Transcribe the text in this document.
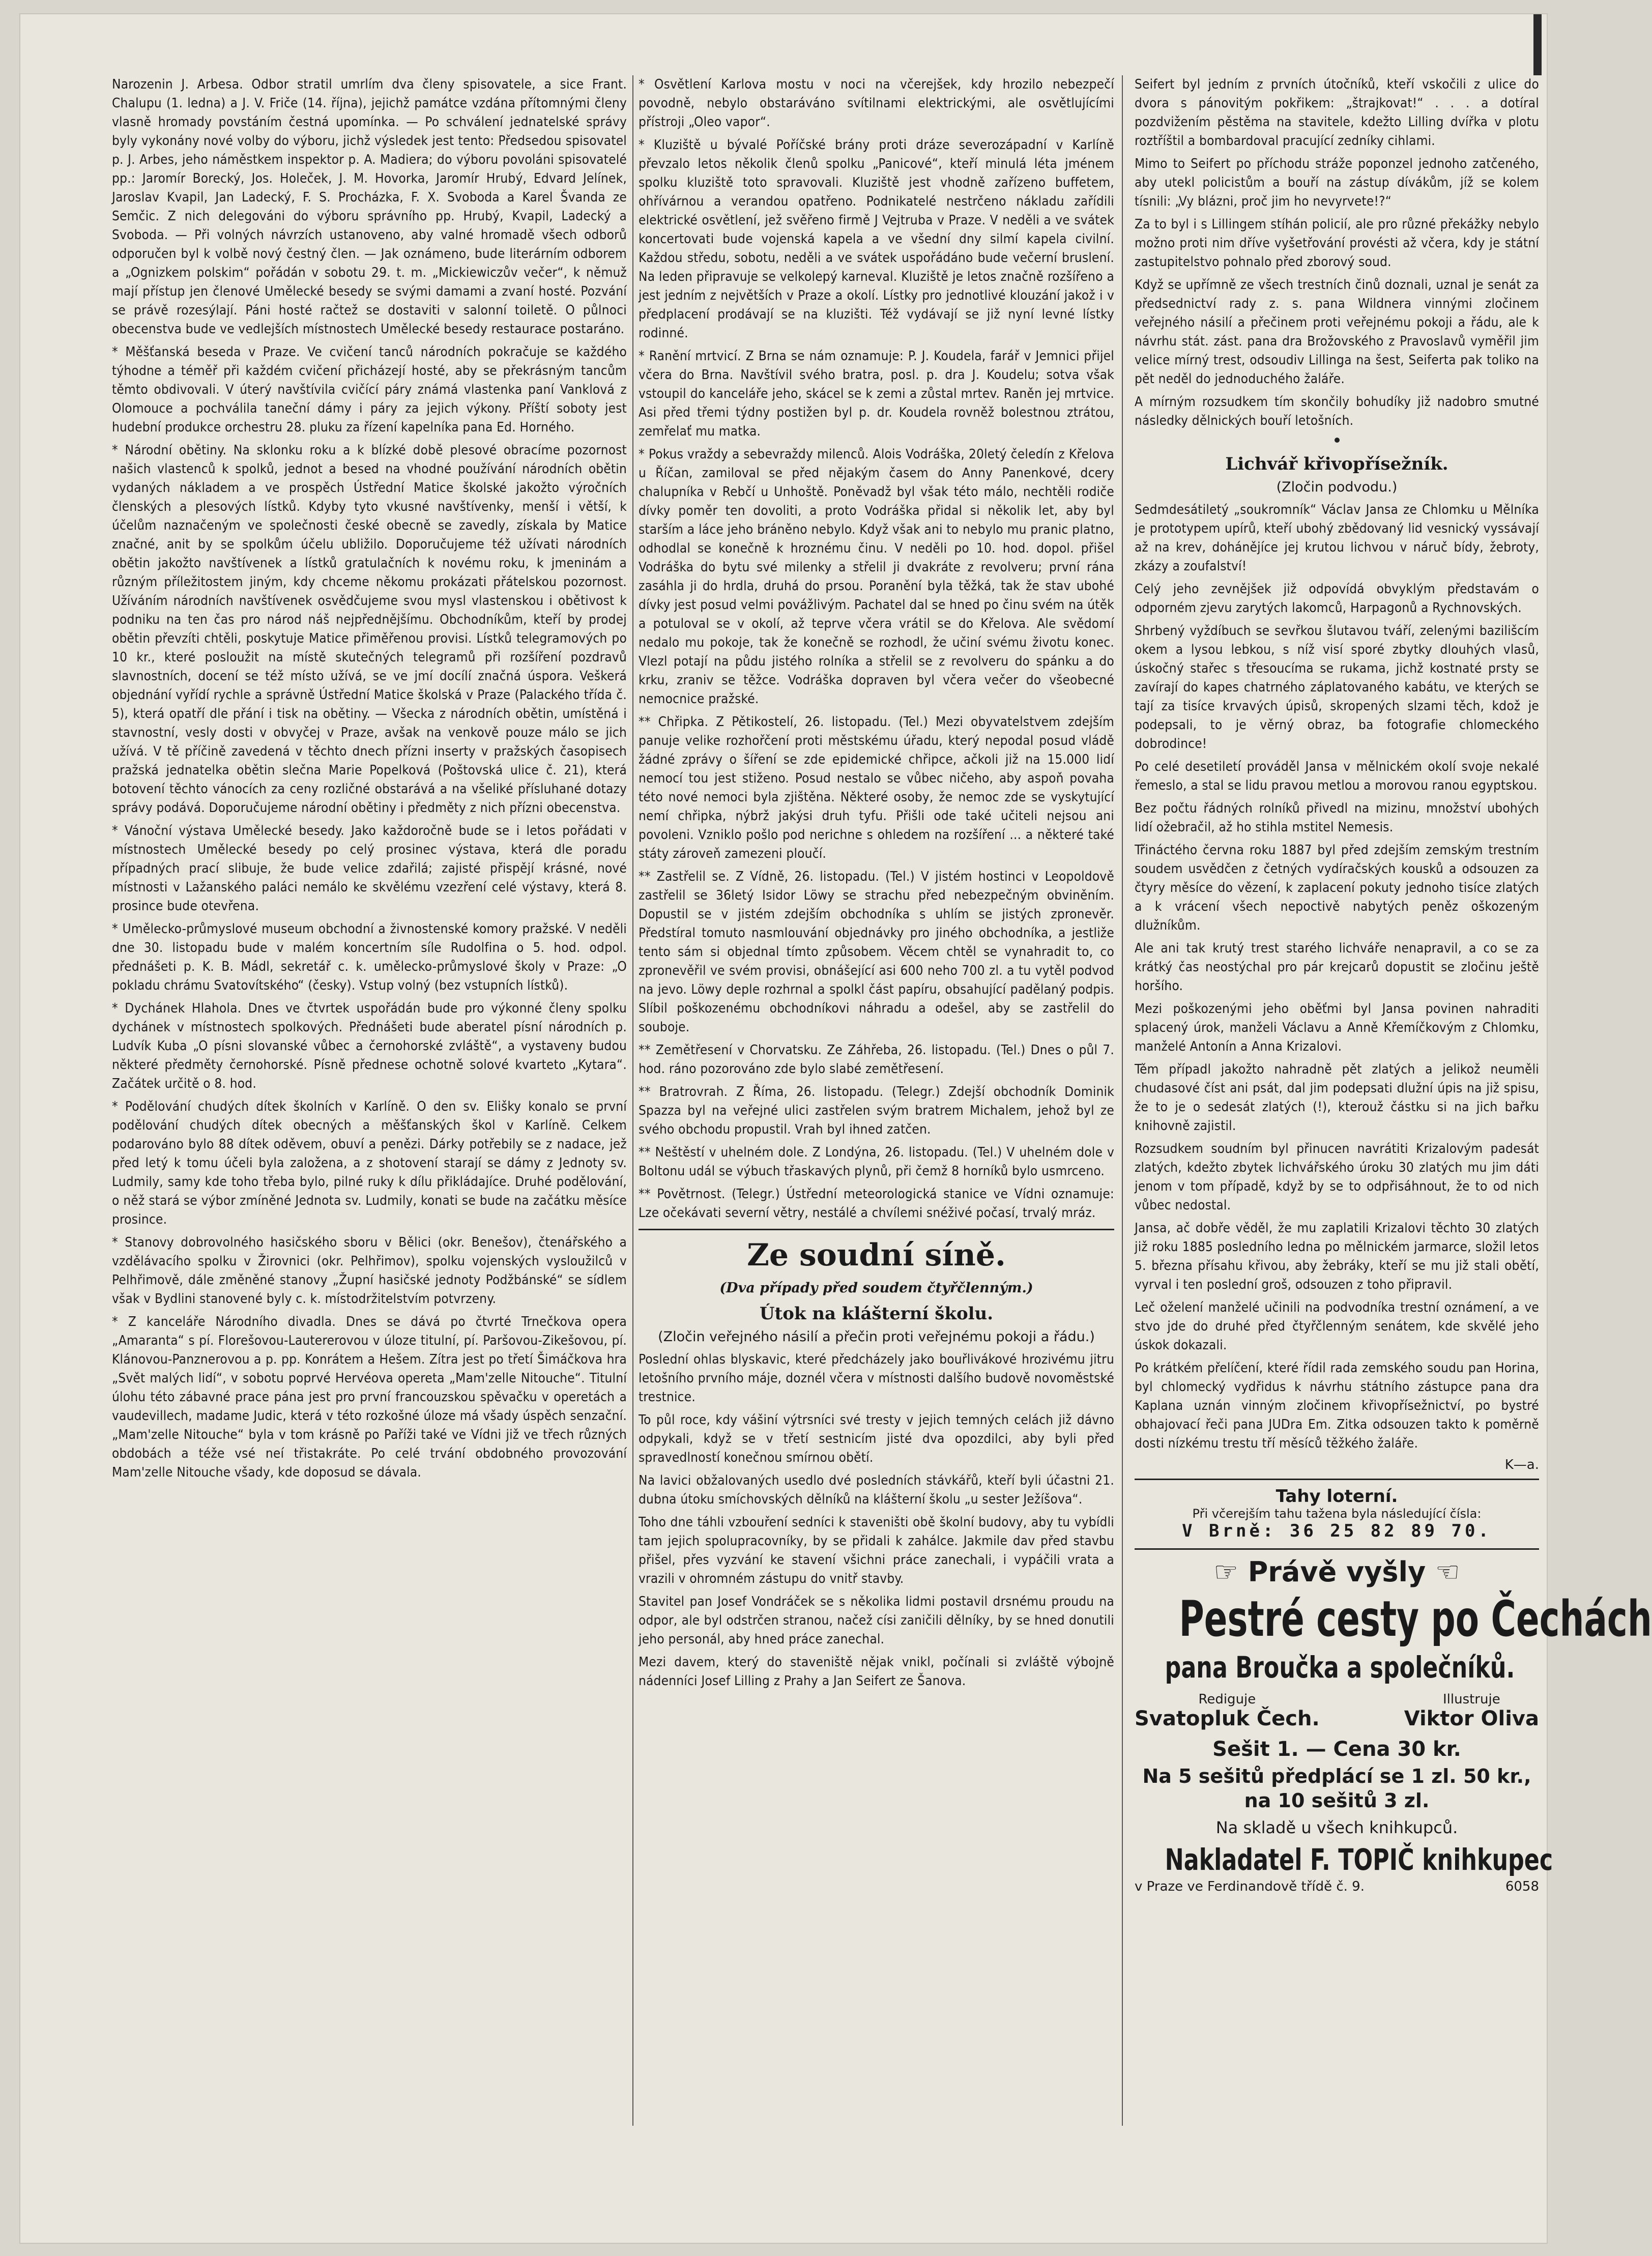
Narozenin J. Arbesa. Odbor stratil umrlím dva členy spisovatele, a sice Frant. Chalupu (1. ledna) a J. V. Friče (14. října), jejichž památce vzdána přítomnými členy vlasně hromady povstáním čestná upomínka. — Po schválení jednatelské správy byly vykonány nové volby do výboru, jichž výsledek jest tento: Předsedou spisovatel p. J. Arbes, jeho náměstkem inspektor p. A. Madiera; do výboru povoláni spisovatelé pp.: Jaromír Borecký, Jos. Holeček, J. M. Hovorka, Jaromír Hrubý, Edvard Jelínek, Jaroslav Kvapil, Jan Ladecký, F. S. Procházka, F. X. Svoboda a Karel Švanda ze Semčic. Z nich delegováni do výboru správního pp. Hrubý, Kvapil, Ladecký a Svoboda. — Při volných návrzích ustanoveno, aby valné hromadě všech odborů odporučen byl k volbě nový čestný člen. — Jak oznámeno, bude literárním odborem a „Ognizkem polskim“ pořádán v sobotu 29. t. m. „Mickiewiczův večer“, k němuž mají přístup jen členové Umělecké besedy se svými damami a zvaní hosté. Pozvání se právě rozesýlají. Páni hosté račtež se dostaviti v salonní toiletě. O půlnoci obecenstva bude ve vedlejších místnostech Umělecké besedy restaurace postaráno.

* Měšťanská beseda v Praze. Ve cvičení tanců národních pokračuje se každého týhodne a téměř při každém cvičení přicházejí hosté, aby se překrásným tancům těmto obdivovali. V úterý navštívila cvičící páry známá vlastenka paní Vanklová z Olomouce a pochválila taneční dámy i páry za jejich výkony. Příští soboty jest hudební produkce orchestru 28. pluku za řízení kapelníka pana Ed. Horného.

* Národní obětiny. Na sklonku roku a k blízké době plesové obracíme pozornost našich vlastenců k spolků, jednot a besed na vhodné používání národních obětin vydaných nákladem a ve prospěch Ústřední Matice školské jakožto výročních členských a plesových lístků. Kdyby tyto vkusné navštívenky, menší i větší, k účelům naznačeným ve společnosti české obecně se zavedly, získala by Matice značné, anit by se spolkům účelu ubližilo. Doporučujeme též užívati národních obětin jakožto navštívenek a lístků gratulačních k novému roku, k jmeninám a různým příležitostem jiným, kdy chceme někomu prokázati přátelskou pozornost. Užíváním národních navštívenek osvědčujeme svou mysl vlastenskou i obětivost k podniku na ten čas pro národ náš nejpřednějšímu. Obchodníkům, kteří by prodej obětin převzíti chtěli, poskytuje Matice přiměřenou provisi. Lístků telegramových po 10 kr., které posloužit na místě skutečných telegramů při rozšíření pozdravů slavnostních, docení se též místo užívá, se ve jmí docílí značná úspora. Veškerá objednání vyřídí rychle a správně Ústřední Matice školská v Praze (Palackého třída č. 5), která opatří dle přání i tisk na obětiny. — Všecka z národních obětin, umístěná i stavnostní, vesly dosti v obvyčej v Praze, avšak na venkově pouze málo se jich užívá. V tě příčině zavedená v těchto dnech přízni inserty v pražských časopisech pražská jednatelka obětin slečna Marie Popelková (Poštovská ulice č. 21), která botovení těchto vánocích za ceny rozličné obstarává a na všeliké přísluhané dotazy správy podává. Doporučujeme národní obětiny i předměty z nich přízni obecenstva.

* Vánoční výstava Umělecké besedy. Jako každoročně bude se i letos pořádati v místnostech Umělecké besedy po celý prosinec výstava, která dle poradu případných prací slibuje, že bude velice zdařilá; zajisté přispějí krásné, nové místnosti v Lažanského paláci nemálo ke skvělému vzezření celé výstavy, která 8. prosince bude otevřena.

* Umělecko-průmyslové museum obchodní a živnostenské komory pražské. V neděli dne 30. listopadu bude v malém koncertním síle Rudolfina o 5. hod. odpol. přednášeti p. K. B. Mádl, sekretář c. k. umělecko-průmyslové školy v Praze: „O pokladu chrámu Svatovítského“ (česky). Vstup volný (bez vstupních lístků).

* Dychánek Hlahola. Dnes ve čtvrtek uspořádán bude pro výkonné členy spolku dychánek v místnostech spolkových. Přednášeti bude aberatel písní národních p. Ludvík Kuba „O písni slovanské vůbec a černohorské zvláště“, a vystaveny budou některé předměty černohorské. Písně přednese ochotně solové kvarteto „Kytara“. Začátek určitě o 8. hod.

* Podělování chudých dítek školních v Karlíně. O den sv. Elišky konalo se první podělování chudých dítek obecných a měšťanských škol v Karlíně. Celkem podarováno bylo 88 dítek oděvem, obuví a penězi. Dárky potřebily se z nadace, jež před letý k tomu účeli byla založena, a z shotovení starají se dámy z Jednoty sv. Ludmily, samy kde toho třeba bylo, pilné ruky k dílu přikládajíce. Druhé podělování, o něž stará se výbor zmíněné Jednota sv. Ludmily, konati se bude na začátku měsíce prosince.

* Stanovy dobrovolného hasičského sboru v Bělici (okr. Benešov), čtenářského a vzdělávacího spolku v Žirovnici (okr. Pelhřimov), spolku vojenských vysloužilců v Pelhřimově, dále změněné stanovy „Župní hasičské jednoty Podžbánské“ se sídlem však v Bydlini stanovené byly c. k. místodržitelstvím potvrzeny.

* Z kanceláře Národního divadla. Dnes se dává po čtvrté Trnečkova opera „Amaranta“ s pí. Florešovou-Lautererovou v úloze titulní, pí. Paršovou-Zikešovou, pí. Klánovou-Panznerovou a p. pp. Konrátem a Hešem. Zítra jest po třetí Šimáčkova hra „Svět malých lidí“, v sobotu poprvé Hervéova opereta „Mam'zelle Nitouche“. Titulní úlohu této zábavné prace pána jest pro první francouzskou spěvačku v operetách a vaudevillech, madame Judic, která v této rozkošné úloze má všady úspěch senzační. „Mam'zelle Nitouche“ byla v tom krásně po Paříži také ve Vídni již ve třech různých obdobách a téže vsé neí třistakráte. Po celé trvání obdobného provozování Mam'zelle Nitouche všady, kde doposud se dávala.

* Osvětlení Karlova mostu v noci na včerejšek, kdy hrozilo nebezpečí povodně, nebylo obstaráváno svítilnami elektrickými, ale osvětlujícími přístroji „Oleo vapor“.

* Kluziště u bývalé Poříčské brány proti dráze severozápadní v Karlíně převzalo letos několik členů spolku „Panicové“, kteří minulá léta jménem spolku kluziště toto spravovali. Kluziště jest vhodně zařízeno buffetem, ohřívárnou a verandou opatřeno. Podnikatelé nestrčeno nákladu zařídili elektrické osvětlení, jež svěřeno firmě J Vejtruba v Praze. V neděli a ve svátek koncertovati bude vojenská kapela a ve všední dny silmí kapela civilní. Každou středu, sobotu, neděli a ve svátek uspořádáno bude večerní bruslení. Na leden připravuje se velkolepý karneval. Kluziště je letos značně rozšířeno a jest jedním z největších v Praze a okolí. Lístky pro jednotlivé klouzání jakož i v předplacení prodávají se na kluzišti. Též vydávají se již nyní levné lístky rodinné.

* Ranění mrtvicí. Z Brna se nám oznamuje: P. J. Koudela, farář v Jemnici přijel včera do Brna. Navštívil svého bratra, posl. p. dra J. Koudelu; sotva však vstoupil do kanceláře jeho, skácel se k zemi a zůstal mrtev. Raněn jej mrtvice. Asi před třemi týdny postižen byl p. dr. Koudela rovněž bolestnou ztrátou, zemřelať mu matka.

* Pokus vraždy a sebevraždy milenců. Alois Vodráška, 20letý čeledín z Křelova u Říčan, zamiloval se před nějakým časem do Anny Panenkové, dcery chalupníka v Rebčí u Unhoště. Poněvadž byl však této málo, nechtěli rodiče dívky poměr ten dovoliti, a proto Vodráška přidal si několik let, aby byl starším a láce jeho bráněno nebylo. Když však ani to nebylo mu pranic platno, odhodlal se konečně k hroznému činu. V neděli po 10. hod. dopol. přišel Vodráška do bytu své milenky a střelil ji dvakráte z revolveru; první rána zasáhla ji do hrdla, druhá do prsou. Poranění byla těžká, tak že stav ubohé dívky jest posud velmi povážlivým. Pachatel dal se hned po činu svém na útěk a potuloval se v okolí, až teprve včera vrátil se do Křelova. Ale svědomí nedalo mu pokoje, tak že konečně se rozhodl, že učiní svému životu konec. Vlezl potají na půdu jistého rolníka a střelil se z revolveru do spánku a do krku, zraniv se těžce. Vodráška dopraven byl včera večer do všeobecné nemocnice pražské.

** Chřipka. Z Pětikostelí, 26. listopadu. (Tel.) Mezi obyvatelstvem zdejším panuje velike rozhořčení proti městskému úřadu, který nepodal posud vládě žádné zprávy o šíření se zde epidemické chřipce, ačkoli již na 15.000 lidí nemocí tou jest stiženo. Posud nestalo se vůbec ničeho, aby aspoň povaha této nové nemoci byla zjištěna. Některé osoby, že nemoc zde se vyskytující nemí chřipka, nýbrž jakýsi druh tyfu. Přišli ode také učiteli nejsou ani povoleni. Vzniklo pošlo pod nerichne s ohledem na rozšíření ... a některé také státy zároveň zamezeni ploučí.

** Zastřelil se. Z Vídně, 26. listopadu. (Tel.) V jistém hostinci v Leopoldově zastřelil se 36letý Isidor Löwy se strachu před nebezpečným obviněním. Dopustil se v jistém zdejším obchodníka s uhlím se jistých zpronevěr. Předstíral tomuto nasmlouvání objednávky pro jiného obchodníka, a jestliže tento sám si objednal tímto způsobem. Věcem chtěl se vynahradit to, co zpronevěřil ve svém provisi, obnášející asi 600 neho 700 zl. a tu vytěl podvod na jevo. Löwy deple rozhrnal a spolkl část papíru, obsahující padělaný podpis. Slíbil poškozenému obchodníkovi náhradu a odešel, aby se zastřelil do souboje.

** Zemětřesení v Chorvatsku. Ze Záhřeba, 26. listopadu. (Tel.) Dnes o půl 7. hod. ráno pozorováno zde bylo slabé zemětřesení.

** Bratrovrah. Z Říma, 26. listopadu. (Telegr.) Zdejší obchodník Dominik Spazza byl na veřejné ulici zastřelen svým bratrem Michalem, jehož byl ze svého obchodu propustil. Vrah byl ihned zatčen.

** Neštěstí v uhelném dole. Z Londýna, 26. listopadu. (Tel.) V uhelném dole v Boltonu udál se výbuch třaskavých plynů, při čemž 8 horníků bylo usmrceno.

** Povětrnost. (Telegr.) Ústřední meteorologická stanice ve Vídni oznamuje: Lze očekávati severní větry, nestálé a chvílemi snéživé počasí, trvalý mráz.

Ze soudní síně.
(Dva případy před soudem čtyřčlenným.)
Útok na klášterní školu.

(Zločin veřejného násilí a přečin proti veřejnému pokoji a řádu.)

Poslední ohlas blyskavic, které předcházely jako bouřlivákové hrozivému jitru letošního prvního máje, doznél včera v místnosti dalšího budově novoměstské trestnice.

To půl roce, kdy vášiní výtrsníci své tresty v jejich temných celách již dávno odpykali, když se v třetí sestnicím jisté dva opozdilci, aby byli před spravedlností konečnou smírnou obětí.

Na lavici obžalovaných usedlo dvé posledních stávkářů, kteří byli účastni 21. dubna útoku smíchovských dělníků na klášterní školu „u sester Ježíšova“.

Toho dne táhli vzbouření sedníci k staveništi obě školní budovy, aby tu vybídli tam jejich spolupracovníky, by se přidali k zahálce. Jakmile dav před stavbu přišel, přes vyzvání ke stavení všichni práce zanechali, i vypáčili vrata a vrazili v ohromném zástupu do vnitř stavby.

Stavitel pan Josef Vondráček se s několika lidmi postavil drsnému proudu na odpor, ale byl odstrčen stranou, načež císi zaničili dělníky, by se hned donutili jeho personál, aby hned práce zanechal.

Mezi davem, který do staveniště nějak vnikl, počínali si zvláště výbojně nádenníci Josef Lilling z Prahy a Jan Seifert ze Šanova.

Seifert byl jedním z prvních útočníků, kteří vskočili z ulice do dvora s pánovitým pokřikem: „štrajkovat!“ . . . a dotíral pozdvižením pěstěma na stavitele, kdežto Lilling dvířka v plotu roztříštil a bombardoval pracující zedníky cihlami.

Mimo to Seifert po příchodu stráže poponzel jednoho zatčeného, aby utekl policistům a bouří na zástup dívákům, jíž se kolem tísnili: „Vy blázni, proč jim ho nevyrvete!?“

Za to byl i s Lillingem stíhán policií, ale pro různé překážky nebylo možno proti nim dříve vyšetřování provésti až včera, kdy je státní zastupitelstvo pohnalo před zborový soud.

Když se upřímně ze všech trestních činů doznali, uznal je senát za předsednictví rady z. s. pana Wildnera vinnými zločinem veřejného násilí a přečinem proti veřejnému pokoji a řádu, ale k návrhu stát. zást. pana dra Brožovského z Pravoslavů vyměřil jim velice mírný trest, odsoudiv Lillinga na šest, Seiferta pak toliko na pět neděl do jednoduchého žaláře.

A mírným rozsudkem tím skončily bohudíky již nadobro smutné následky dělnických bouří letošních.

Lichvář křivopřísežník.

(Zločin podvodu.)

Sedmdesátiletý „soukromník“ Václav Jansa ze Chlomku u Mělníka je prototypem upírů, kteří ubohý zbědovaný lid vesnický vyssávají až na krev, dohánějíce jej krutou lichvou v náruč bídy, žebroty, zkázy a zoufalství!

Celý jeho zevnějšek již odpovídá obvyklým představám o odporném zjevu zarytých lakomců, Harpagonů a Rychnovských.

Shrbený vyždíbuch se sevřkou šlutavou tváří, zelenými bazilišcím okem a lysou lebkou, s níž visí sporé zbytky dlouhých vlasů, úskočný stařec s třesoucíma se rukama, jichž kostnaté prsty se zavírají do kapes chatrného záplatovaného kabátu, ve kterých se tají za tisíce krvavých úpisů, skropených slzami těch, kdož je podepsali, to je věrný obraz, ba fotografie chlomeckého dobrodince!

Po celé desetiletí prováděl Jansa v mělnickém okolí svoje nekalé řemeslo, a stal se lidu pravou metlou a morovou ranou egyptskou.

Bez počtu řádných rolníků přivedl na mizinu, množství ubohých lidí ožebračil, až ho stihla mstitel Nemesis.

Třináctého června roku 1887 byl před zdejším zemským trestním soudem usvědčen z četných vydíračských kousků a odsouzen za čtyry měsíce do vězení, k zaplacení pokuty jednoho tisíce zlatých a k vrácení všech nepoctivě nabytých peněz oškozeným dlužníkům.

Ale ani tak krutý trest starého lichváře nenapravil, a co se za krátký čas neostýchal pro pár krejcarů dopustit se zločinu ještě horšího.

Mezi poškozenými jeho oběťmi byl Jansa povinen nahraditi splacený úrok, manželi Václavu a Anně Křemíčkovým z Chlomku, manželé Antonín a Anna Krizalovi.

Těm případl jakožto nahradně pět zlatých a jelikož neuměli chudasové číst ani psát, dal jim podepsati dlužní úpis na již spisu, že to je o sedesát zlatých (!), kterouž částku si na jich bařku knihovně zajistil.

Rozsudkem soudním byl přinucen navrátiti Krizalovým padesát zlatých, kdežto zbytek lichvářského úroku 30 zlatých mu jim dáti jenom v tom případě, když by se to odpřisáhnout, že to od nich vůbec nedostal.

Jansa, ač dobře věděl, že mu zaplatili Krizalovi těchto 30 zlatých již roku 1885 posledního ledna po mělnickém jarmarce, složil letos 5. března přísahu křivou, aby žebráky, kteří se mu již stali obětí, vyrval i ten poslední groš, odsouzen z toho připravil.

Leč oželení manželé učinili na podvodníka trestní oznámení, a ve stvo jde do druhé před čtyřčlenným senátem, kde skvělé jeho úskok dokazali.

Po krátkém přelíčení, které řídil rada zemského soudu pan Horina, byl chlomecký vydřidus k návrhu státního zástupce pana dra Kaplana uznán vinným zločinem křivopřísežnictví, po bystré obhajovací řeči pana JUDra Em. Zitka odsouzen takto k poměrně dosti nízkému trestu tří měsíců těžkého žaláře.

K—a.

Tahy loterní.
Při včerejším tahu tažena byla následující čísla:
V Brně: 36 25 82 89 70.
☞ Právě vyšly ☜
Pestré cesty po Čechách
pana Broučka a společníků.
Rediguje
Svatopluk Čech.
Illustruje
Viktor Oliva
Sešit 1. — Cena 30 kr.
Na 5 sešitů předplácí se 1 zl. 50 kr.,
na 10 sešitů 3 zl.
Na skladě u všech knihkupců.
Nakladatel F. TOPIČ knihkupec
v Praze ve Ferdinandově třídě č. 9.	6058
